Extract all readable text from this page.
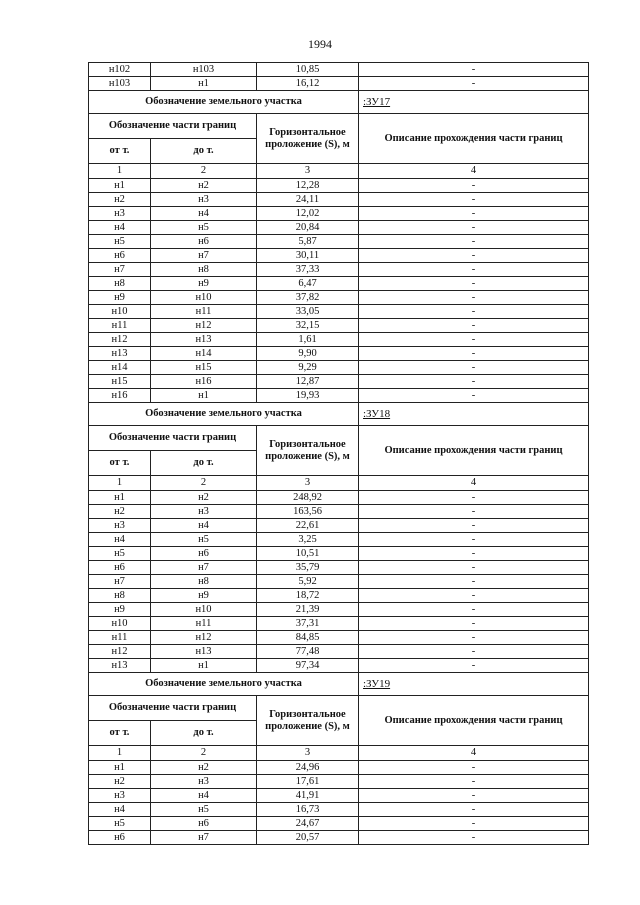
1994
н102	н103	10,85	-
н103	н1	16,12	-
Обозначение земельного участка			:ЗУ17
Обозначение части границ		Горизонтальное проложение (S), м	Описание прохождения части границ
от т.	до т.		
1	2	3	4
н1	н2	12,28	-
н2	н3	24,11	-
н3	н4	12,02	-
н4	н5	20,84	-
н5	н6	5,87	-
н6	н7	30,11	-
н7	н8	37,33	-
н8	н9	6,47	-
н9	н10	37,82	-
н10	н11	33,05	-
н11	н12	32,15	-
н12	н13	1,61	-
н13	н14	9,90	-
н14	н15	9,29	-
н15	н16	12,87	-
н16	н1	19,93	-
Обозначение земельного участка			:ЗУ18
Обозначение части границ		Горизонтальное проложение (S), м	Описание прохождения части границ
от т.	до т.		
1	2	3	4
н1	н2	248,92	-
н2	н3	163,56	-
н3	н4	22,61	-
н4	н5	3,25	-
н5	н6	10,51	-
н6	н7	35,79	-
н7	н8	5,92	-
н8	н9	18,72	-
н9	н10	21,39	-
н10	н11	37,31	-
н11	н12	84,85	-
н12	н13	77,48	-
н13	н1	97,34	-
Обозначение земельного участка			:ЗУ19
Обозначение части границ		Горизонтальное проложение (S), м	Описание прохождения части границ
от т.	до т.		
1	2	3	4
н1	н2	24,96	-
н2	н3	17,61	-
н3	н4	41,91	-
н4	н5	16,73	-
н5	н6	24,67	-
н6	н7	20,57	-
